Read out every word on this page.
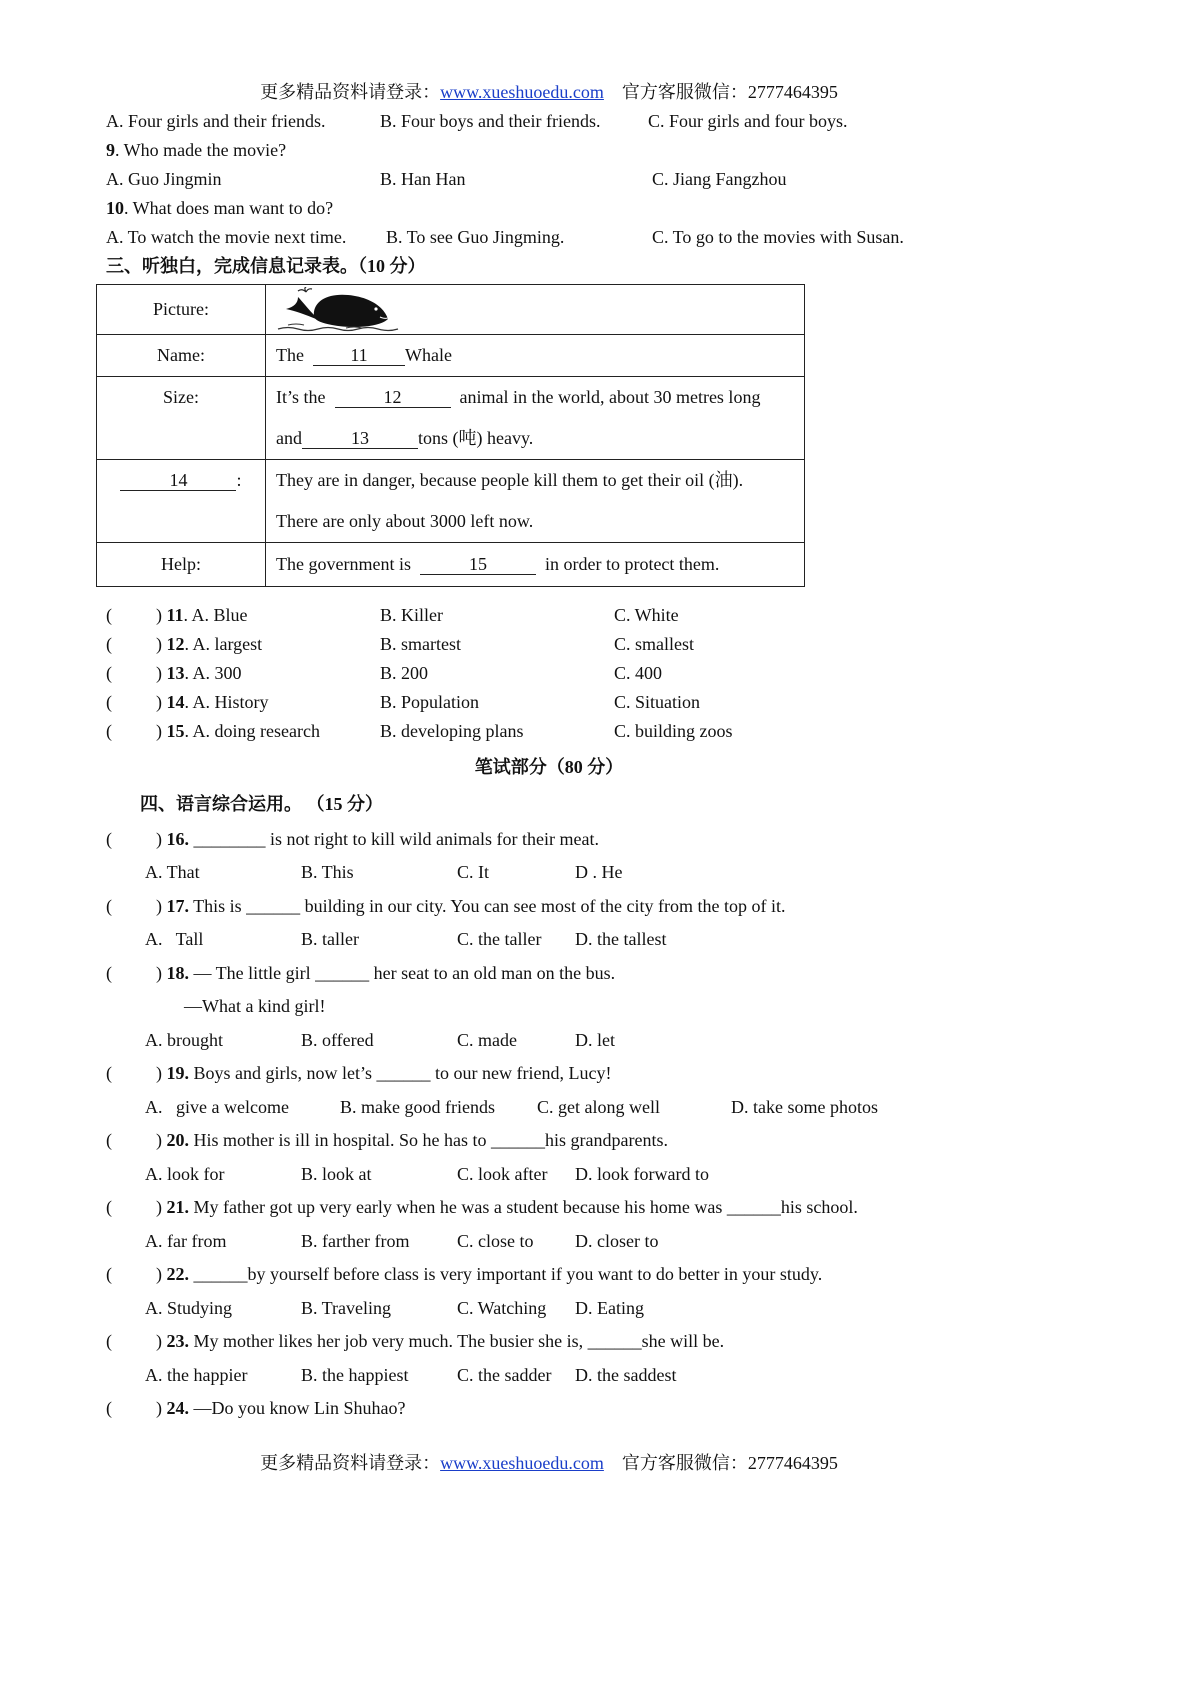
更多精品资料请登录：www.xueshuoedu.com 官方客服微信：2777464395
A. Four girls and their friends.	B. Four boys and their friends.	C. Four girls and four boys.
9. Who made the movie?
A. Guo Jingmin	B. Han Han	C. Jiang Fangzhou
10. What does man want to do?
A. To watch the movie next time. B. To see Guo Jingming.	C. To go to the movies with Susan.
三、听独白，完成信息记录表。（10 分）
Picture:	

Name:	The 11 Whale
Size:	It’s the 12 animal in the world, about 30 metres long
and 13 tons (吨) heavy.
14 :	They are in danger, because people kill them to get their oil (油).
There are only about 3000 left now.
Help:	The government is 15 in order to protect them.
( ) 11. A. Blue	B. Killer	C. White
( ) 12. A. largest	B. smartest	C. smallest
( ) 13. A. 300	B. 200	C. 400
( ) 14. A. History	B. Population	C. Situation
( ) 15. A. doing research	B. developing plans	C. building zoos
笔试部分（80 分）
四、语言综合运用。 （15 分）
( ) 16. ________ is not right to kill wild animals for their meat.
A. That	B. This	C. It	D . He
( ) 17. This is ______ building in our city. You can see most of the city from the top of it.
A.   Tall	B. taller	C. the taller D. the tallest
( ) 18. — The little girl ______ her seat to an old man on the bus.
—What a kind girl!
A. brought	B. offered	C. made	D. let
( ) 19. Boys and girls, now let’s ______ to our new friend, Lucy!
A.   give a welcome	B. make good friends C. get along well	D. take some photos
( ) 20. His mother is ill in hospital. So he has to ______his grandparents.
A. look for	B. look at	C. look after D. look forward to
( ) 21. My father got up very early when he was a student because his home was ______his school.
A. far from	B. farther from	C. close to D. closer to
( ) 22. ______by yourself before class is very important if you want to do better in your study.
A. Studying	B. Traveling	C. Watching D. Eating
( ) 23. My mother likes her job very much. The busier she is, ______she will be.
A. the happier	B. the happiest	C. the sadder D. the saddest
( ) 24. —Do you know Lin Shuhao?
更多精品资料请登录：www.xueshuoedu.com 官方客服微信：2777464395
